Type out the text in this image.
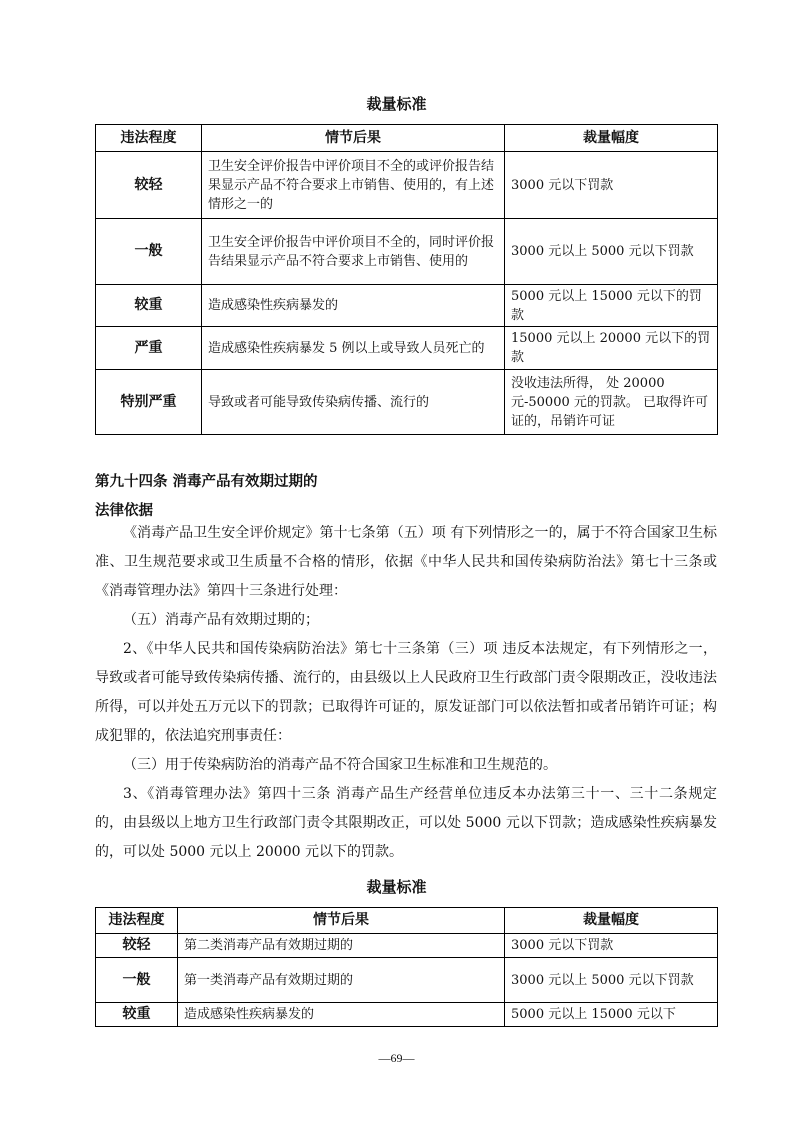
裁量标准
违法程度	情节后果	裁量幅度
较轻	卫生安全评价报告中评价项目不全的或评价报告结果显示产品不符合要求上市销售、使用的，有上述情形之一的	3000 元以下罚款
一般	卫生安全评价报告中评价项目不全的，同时评价报告结果显示产品不符合要求上市销售、使用的	3000 元以上 5000 元以下罚款
较重	造成感染性疾病暴发的	5000 元以上 15000 元以下的罚款
严重	造成感染性疾病暴发 5 例以上或导致人员死亡的	15000 元以上 20000 元以下的罚款
特别严重	导致或者可能导致传染病传播、流行的	没收违法所得， 处 20000 元-50000 元的罚款。 已取得许可证的，吊销许可证
第九十四条 消毒产品有效期过期的
法律依据

《消毒产品卫生安全评价规定》第十七条第（五）项 有下列情形之一的，属于不符合国家卫生标准、卫生规范要求或卫生质量不合格的情形，依据《中华人民共和国传染病防治法》第七十三条或《消毒管理办法》第四十三条进行处理：

（五）消毒产品有效期过期的；

2、《中华人民共和国传染病防治法》第七十三条第（三）项 违反本法规定，有下列情形之一，导致或者可能导致传染病传播、流行的，由县级以上人民政府卫生行政部门责令限期改正，没收违法所得，可以并处五万元以下的罚款；已取得许可证的，原发证部门可以依法暂扣或者吊销许可证；构成犯罪的，依法追究刑事责任：

（三）用于传染病防治的消毒产品不符合国家卫生标准和卫生规范的。

3、《消毒管理办法》第四十三条 消毒产品生产经营单位违反本办法第三十一、三十二条规定的，由县级以上地方卫生行政部门责令其限期改正，可以处 5000 元以下罚款；造成感染性疾病暴发的，可以处 5000 元以上 20000 元以下的罚款。

裁量标准
违法程度	情节后果	裁量幅度
较轻	第二类消毒产品有效期过期的	3000 元以下罚款
一般	第一类消毒产品有效期过期的	3000 元以上 5000 元以下罚款
较重	造成感染性疾病暴发的	5000 元以上 15000 元以下
—69—
